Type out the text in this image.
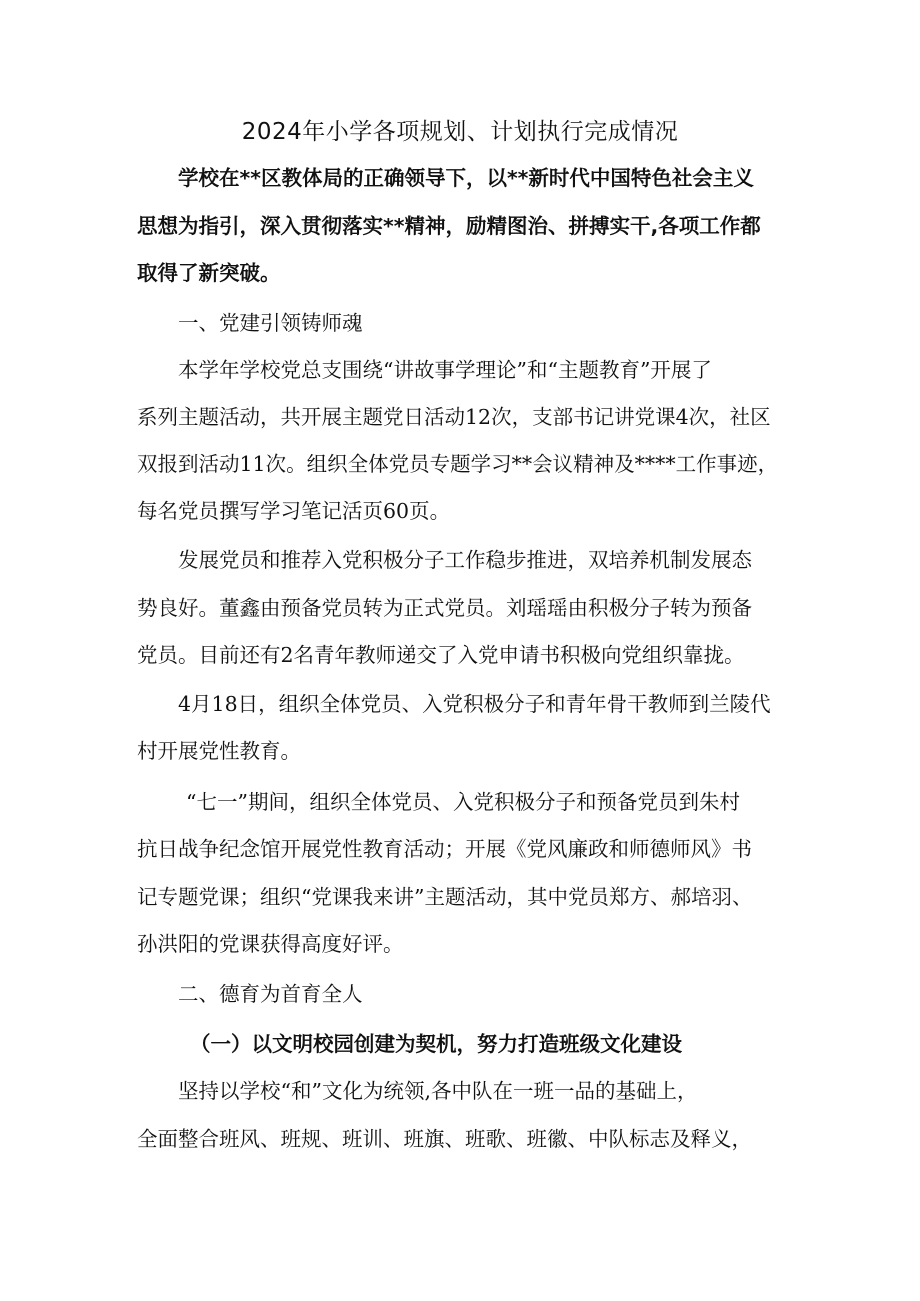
2024年小学各项规划、计划执行完成情况

学校在**区教体局的正确领导下，以**新时代中国特色社会主义

思想为指引，深入贯彻落实**精神，励精图治、拼搏实干,各项工作都

取得了新突破。

一、党建引领铸师魂

本学年学校党总支围绕“讲故事学理论”和“主题教育”开展了

系列主题活动，共开展主题党日活动12次，支部书记讲党课4次，社区

双报到活动11次。组织全体党员专题学习**会议精神及****工作事迹，

每名党员撰写学习笔记活页60页。

发展党员和推荐入党积极分子工作稳步推进，双培养机制发展态

势良好。董鑫由预备党员转为正式党员。刘瑶瑶由积极分子转为预备

党员。目前还有2名青年教师递交了入党申请书积极向党组织靠拢。

4月18日，组织全体党员、入党积极分子和青年骨干教师到兰陵代

村开展党性教育。

“七一”期间，组织全体党员、入党积极分子和预备党员到朱村

抗日战争纪念馆开展党性教育活动；开展《党风廉政和师德师风》书

记专题党课；组织“党课我来讲”主题活动，其中党员郑方、郝培羽、

孙洪阳的党课获得高度好评。

二、德育为首育全人

（一）以文明校园创建为契机，努力打造班级文化建设

坚持以学校“和”文化为统领,各中队在一班一品的基础上，

全面整合班风、班规、班训、班旗、班歌、班徽、中队标志及释义，
